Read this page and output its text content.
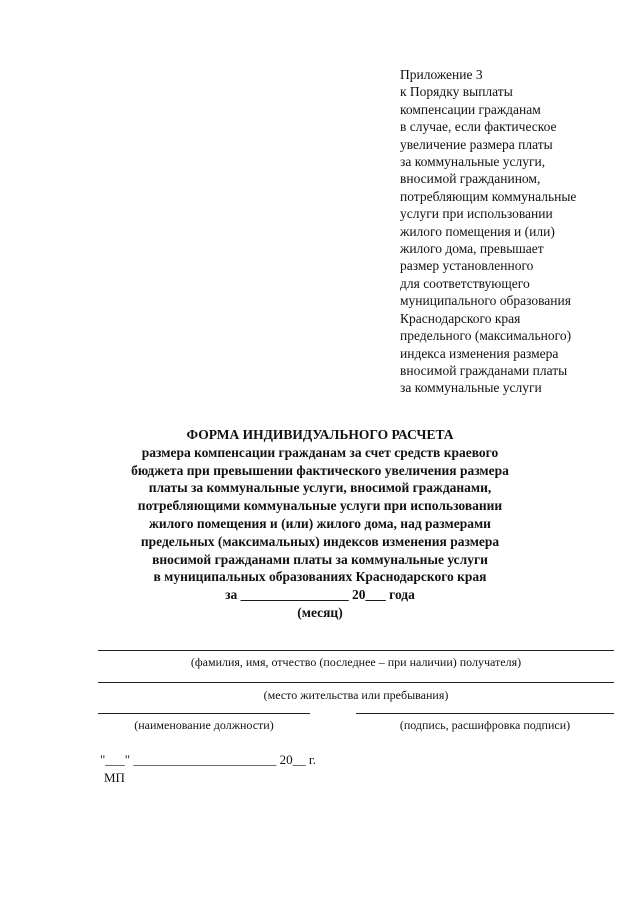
Приложение 3
к Порядку выплаты
компенсации гражданам
в случае, если фактическое
увеличение размера платы
за коммунальные услуги,
вносимой гражданином,
потребляющим коммунальные
услуги при использовании
жилого помещения и (или)
жилого дома, превышает
размер установленного
для соответствующего
муниципального образования
Краснодарского края
предельного (максимального)
индекса изменения размера
вносимой гражданами платы
за коммунальные услуги
ФОРМА ИНДИВИДУАЛЬНОГО РАСЧЕТА
размера компенсации гражданам за счет средств краевого
бюджета при превышении фактического увеличения размера
платы за коммунальные услуги, вносимой гражданами,
потребляющими коммунальные услуги при использовании
жилого помещения и (или) жилого дома, над размерами
предельных (максимальных) индексов изменения размера
вносимой гражданами платы за коммунальные услуги
в муниципальных образованиях Краснодарского края
за ________________ 20___ года
(месяц)
(фамилия, имя, отчество (последнее – при наличии) получателя)
(место жительства или пребывания)
(наименование должности)	(подпись, расшифровка подписи)
"___" ______________________ 20__ г.
МП
